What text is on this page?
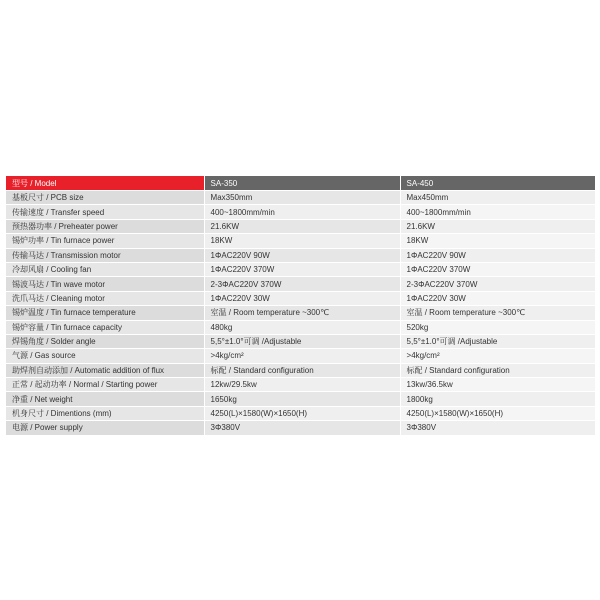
型号 / Model	SA-350	SA-450
基板尺寸 / PCB size	Max350mm	Max450mm
传输速度 / Transfer speed	400~1800mm/min	400~1800mm/min
预热器功率 / Preheater power	21.6KW	21.6KW
锡炉功率 / Tin furnace power	18KW	18KW
传输马达 / Transmission motor	1ΦAC220V 90W	1ΦAC220V 90W
冷却风扇 / Cooling fan	1ΦAC220V 370W	1ΦAC220V 370W
锡波马达 / Tin wave motor	2-3ΦAC220V 370W	2-3ΦAC220V 370W
洗爪马达 / Cleaning motor	1ΦAC220V 30W	1ΦAC220V 30W
锡炉温度 / Tin furnace temperature	室温 / Room temperature ~300℃	室温 / Room temperature ~300℃
锡炉容量 / Tin furnace capacity	480kg	520kg
焊锡角度 / Solder angle	5,5°±1.0°可调 /Adjustable	5,5°±1.0°可调 /Adjustable
气源 / Gas source	>4kg/cm²	>4kg/cm²
助焊剂自动添加 / Automatic addition of flux	标配 / Standard configuration	标配 / Standard configuration
正常 / 起动功率 / Normal / Starting power	12kw/29.5kw	13kw/36.5kw
净重 / Net weight	1650kg	1800kg
机身尺寸 / Dimentions (mm)	4250(L)×1580(W)×1650(H)	4250(L)×1580(W)×1650(H)
电源 / Power supply	3Φ380V	3Φ380V
